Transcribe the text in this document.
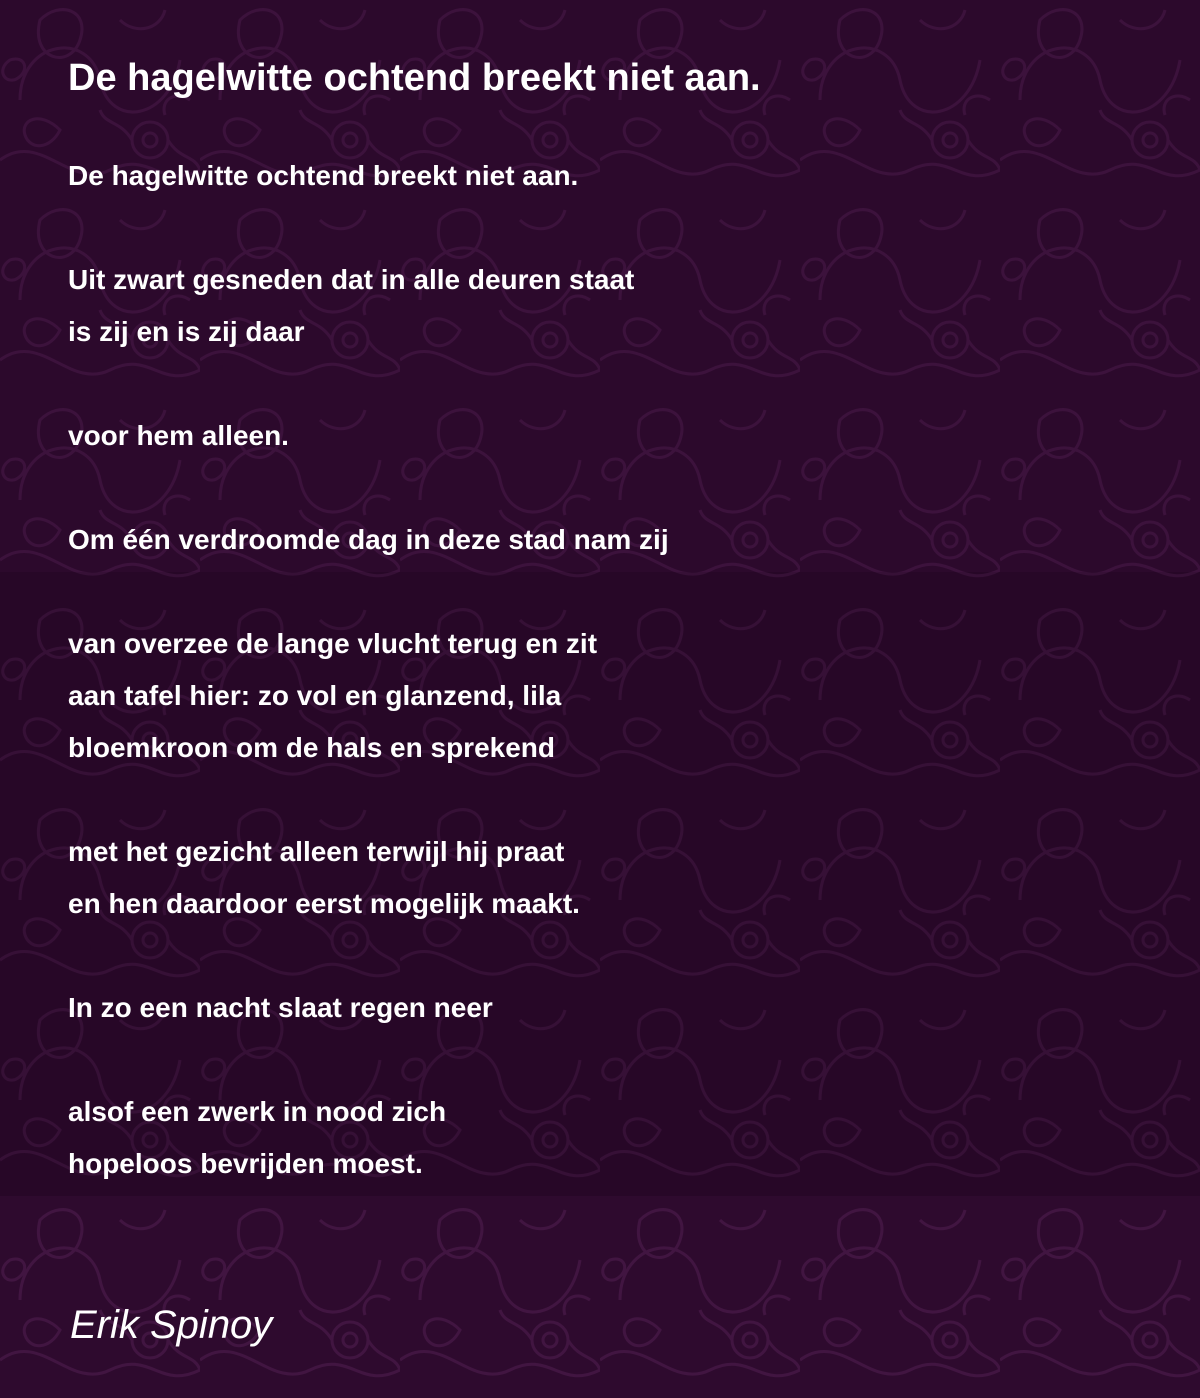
De hagelwitte ochtend breekt niet aan.
De hagelwitte ochtend breekt niet aan.
Uit zwart gesneden dat in alle deuren staat
is zij en is zij daar
voor hem alleen.
Om één verdroomde dag in deze stad nam zij
van overzee de lange vlucht terug en zit
aan tafel hier: zo vol en glanzend, lila
bloemkroon om de hals en sprekend
met het gezicht alleen terwijl hij praat
en hen daardoor eerst mogelijk maakt.
In zo een nacht slaat regen neer
alsof een zwerk in nood zich
hopeloos bevrijden moest.
Erik Spinoy
